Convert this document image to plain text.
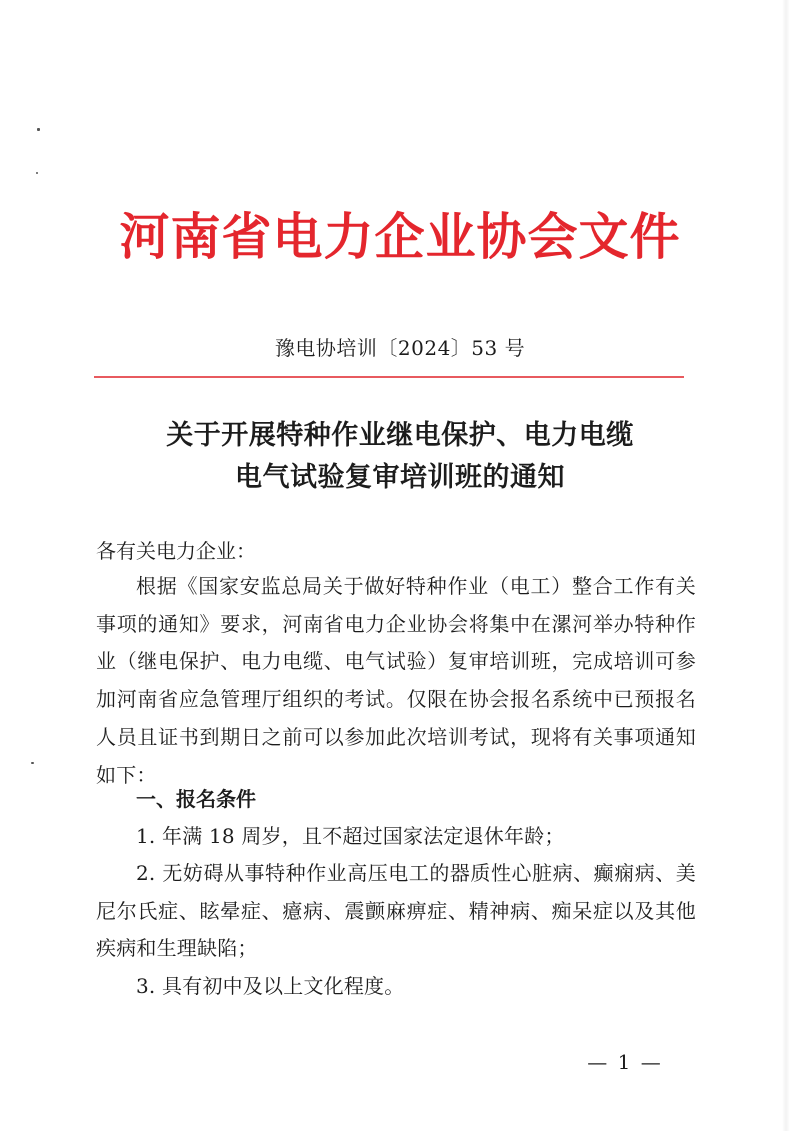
河南省电力企业协会文件
豫电协培训〔2024〕53 号
关于开展特种作业继电保护、电力电缆
电气试验复审培训班的通知
各有关电力企业：
根据《国家安监总局关于做好特种作业（电工）整合工作有关事项的通知》要求，河南省电力企业协会将集中在漯河举办特种作业（继电保护、电力电缆、电气试验）复审培训班，完成培训可参加河南省应急管理厅组织的考试。仅限在协会报名系统中已预报名人员且证书到期日之前可以参加此次培训考试，现将有关事项通知如下：
一、报名条件
1. 年满 18 周岁，且不超过国家法定退休年龄；
2. 无妨碍从事特种作业高压电工的器质性心脏病、癫痫病、美尼尔氏症、眩晕症、癔病、震颤麻痹症、精神病、痴呆症以及其他疾病和生理缺陷；
3. 具有初中及以上文化程度。
— 1 —
